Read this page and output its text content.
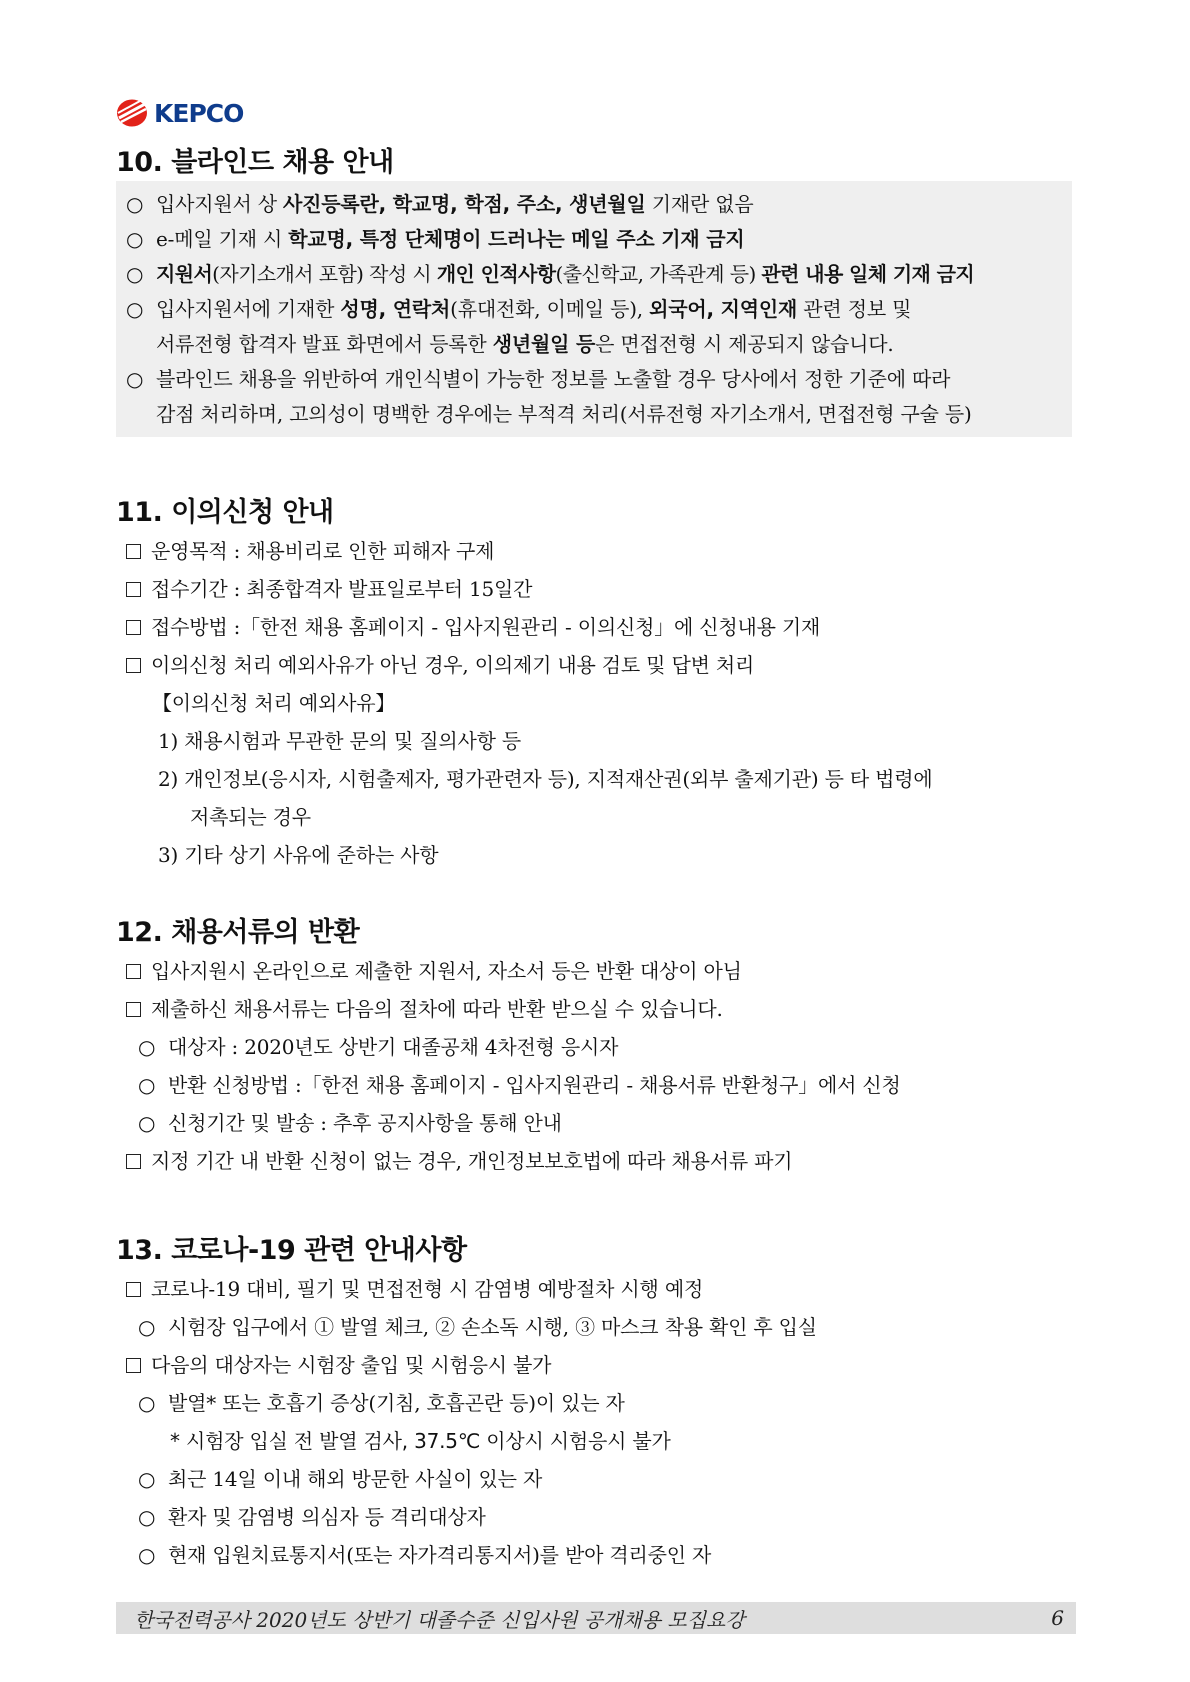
KEPCO
10. 블라인드 채용 안내
○ 입사지원서 상 사진등록란, 학교명, 학점, 주소, 생년월일 기재란 없음
○ e-메일 기재 시 학교명, 특정 단체명이 드러나는 메일 주소 기재 금지
○ 지원서(자기소개서 포함) 작성 시 개인 인적사항(출신학교, 가족관계 등) 관련 내용 일체 기재 금지
○ 입사지원서에 기재한 성명, 연락처(휴대전화, 이메일 등), 외국어, 지역인재 관련 정보 및
서류전형 합격자 발표 화면에서 등록한 생년월일 등은 면접전형 시 제공되지 않습니다.
○ 블라인드 채용을 위반하여 개인식별이 가능한 정보를 노출할 경우 당사에서 정한 기준에 따라
감점 처리하며, 고의성이 명백한 경우에는 부적격 처리(서류전형 자기소개서, 면접전형 구술 등)
11. 이의신청 안내
운영목적 : 채용비리로 인한 피해자 구제
접수기간 : 최종합격자 발표일로부터 15일간
접수방법 :「한전 채용 홈페이지 - 입사지원관리 - 이의신청」에 신청내용 기재
이의신청 처리 예외사유가 아닌 경우, 이의제기 내용 검토 및 답변 처리
【이의신청 처리 예외사유】
1) 채용시험과 무관한 문의 및 질의사항 등
2) 개인정보(응시자, 시험출제자, 평가관련자 등), 지적재산권(외부 출제기관) 등 타 법령에
저촉되는 경우
3) 기타 상기 사유에 준하는 사항
12. 채용서류의 반환
입사지원시 온라인으로 제출한 지원서, 자소서 등은 반환 대상이 아님
제출하신 채용서류는 다음의 절차에 따라 반환 받으실 수 있습니다.
○ 대상자 : 2020년도 상반기 대졸공채 4차전형 응시자
○ 반환 신청방법 :「한전 채용 홈페이지 - 입사지원관리 - 채용서류 반환청구」에서 신청
○ 신청기간 및 발송 : 추후 공지사항을 통해 안내
지정 기간 내 반환 신청이 없는 경우, 개인정보보호법에 따라 채용서류 파기
13. 코로나-19 관련 안내사항
코로나-19 대비, 필기 및 면접전형 시 감염병 예방절차 시행 예정
○ 시험장 입구에서 ① 발열 체크, ② 손소독 시행, ③ 마스크 착용 확인 후 입실
다음의 대상자는 시험장 출입 및 시험응시 불가
○ 발열* 또는 호흡기 증상(기침, 호흡곤란 등)이 있는 자
* 시험장 입실 전 발열 검사, 37.5℃ 이상시 시험응시 불가
○ 최근 14일 이내 해외 방문한 사실이 있는 자
○ 환자 및 감염병 의심자 등 격리대상자
○ 현재 입원치료통지서(또는 자가격리통지서)를 받아 격리중인 자
한국전력공사 2020년도 상반기 대졸수준 신입사원 공개채용 모집요강	6
